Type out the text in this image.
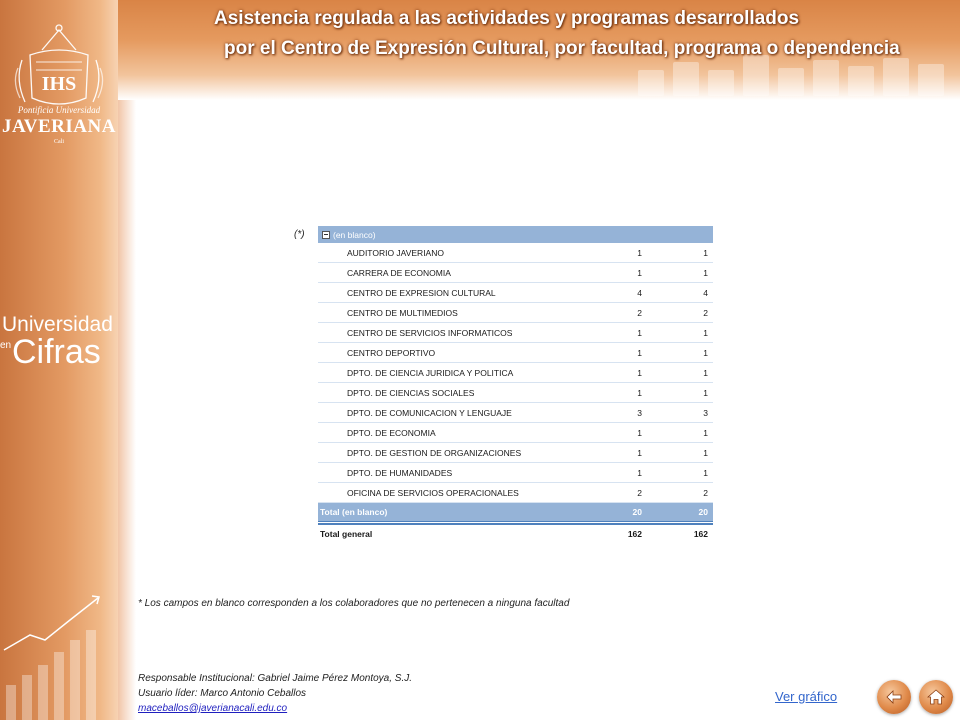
IHS
Pontificia Universidad
JAVERIANA
Cali
Universidad
en Cifras
Asistencia regulada a las actividades y programas desarrollados
por el Centro de Expresión Cultural, por facultad, programa o dependencia
(*)	(en blanco)
AUDITORIO JAVERIANO	1	1
CARRERA DE ECONOMIA	1	1
CENTRO DE EXPRESION CULTURAL	4	4
CENTRO DE MULTIMEDIOS	2	2
CENTRO DE SERVICIOS INFORMATICOS	1	1
CENTRO DEPORTIVO	1	1
DPTO. DE CIENCIA JURIDICA Y POLITICA	1	1
DPTO. DE CIENCIAS SOCIALES	1	1
DPTO. DE COMUNICACION Y LENGUAJE	3	3
DPTO. DE ECONOMIA	1	1
DPTO. DE GESTION DE ORGANIZACIONES	1	1
DPTO. DE HUMANIDADES	1	1
OFICINA DE SERVICIOS OPERACIONALES	2	2
Total (en blanco)	20	20
Total general	162	162
* Los campos en blanco corresponden a los colaboradores que no pertenecen a ninguna facultad
Responsable Institucional: Gabriel Jaime Pérez Montoya, S.J.
Usuario líder: Marco Antonio Ceballos
maceballos@javerianacali.edu.co
Ver gráfico
